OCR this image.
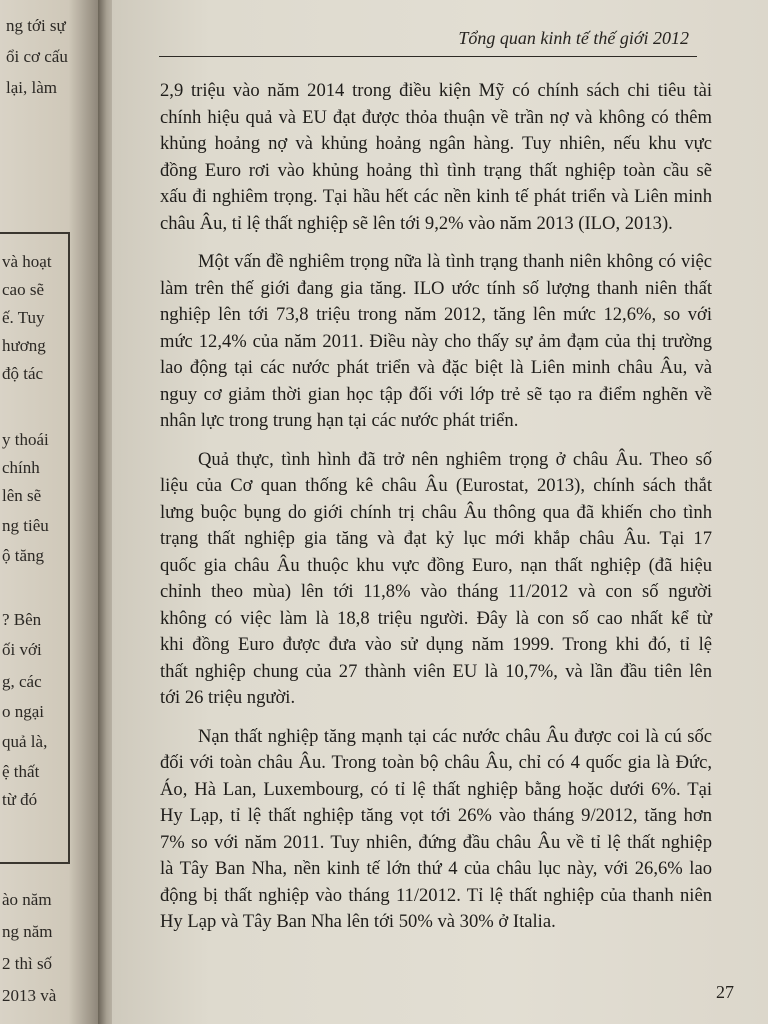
ng tới sự
ổi cơ cấu
lại, làm
và hoạt
cao sẽ
ế. Tuy
hương
độ tác
y thoái
chính
lên sẽ
ng tiêu
ộ tăng
? Bên
ối với
g, các
o ngại
quả là,
ệ thất
từ đó
ào năm
ng năm
2 thì số
2013 và
Tổng quan kinh tế thế giới 2012
2,9 triệu vào năm 2014 trong điều kiện Mỹ có chính sách chi tiêu tài
chính hiệu quả và EU đạt được thỏa thuận về trần nợ và không có thêm
khủng hoảng nợ và khủng hoảng ngân hàng. Tuy nhiên, nếu khu vực
đồng Euro rơi vào khủng hoảng thì tình trạng thất nghiệp toàn cầu sẽ
xấu đi nghiêm trọng. Tại hầu hết các nền kinh tế phát triển và Liên minh
châu Âu, tỉ lệ thất nghiệp sẽ lên tới 9,2% vào năm 2013 (ILO, 2013).
Một vấn đề nghiêm trọng nữa là tình trạng thanh niên không có việc
làm trên thế giới đang gia tăng. ILO ước tính số lượng thanh niên thất
nghiệp lên tới 73,8 triệu trong năm 2012, tăng lên mức 12,6%, so với
mức 12,4% của năm 2011. Điều này cho thấy sự ảm đạm của thị trường
lao động tại các nước phát triển và đặc biệt là Liên minh châu Âu, và
nguy cơ giảm thời gian học tập đối với lớp trẻ sẽ tạo ra điểm nghẽn về
nhân lực trong trung hạn tại các nước phát triển.
Quả thực, tình hình đã trở nên nghiêm trọng ở châu Âu. Theo số
liệu của Cơ quan thống kê châu Âu (Eurostat, 2013), chính sách thắt
lưng buộc bụng do giới chính trị châu Âu thông qua đã khiến cho tình
trạng thất nghiệp gia tăng và đạt kỷ lục mới khắp châu Âu. Tại 17
quốc gia châu Âu thuộc khu vực đồng Euro, nạn thất nghiệp (đã hiệu
chỉnh theo mùa) lên tới 11,8% vào tháng 11/2012 và con số người
không có việc làm là 18,8 triệu người. Đây là con số cao nhất kể từ
khi đồng Euro được đưa vào sử dụng năm 1999. Trong khi đó, tỉ lệ
thất nghiệp chung của 27 thành viên EU là 10,7%, và lần đầu tiên lên
tới 26 triệu người.
Nạn thất nghiệp tăng mạnh tại các nước châu Âu được coi là cú sốc
đối với toàn châu Âu. Trong toàn bộ châu Âu, chỉ có 4 quốc gia là Đức,
Áo, Hà Lan, Luxembourg, có tỉ lệ thất nghiệp bằng hoặc dưới 6%. Tại
Hy Lạp, tỉ lệ thất nghiệp tăng vọt tới 26% vào tháng 9/2012, tăng hơn
7% so với năm 2011. Tuy nhiên, đứng đầu châu Âu về tỉ lệ thất nghiệp
là Tây Ban Nha, nền kinh tế lớn thứ 4 của châu lục này, với 26,6% lao
động bị thất nghiệp vào tháng 11/2012. Tỉ lệ thất nghiệp của thanh niên
Hy Lạp và Tây Ban Nha lên tới 50% và 30% ở Italia.
27
